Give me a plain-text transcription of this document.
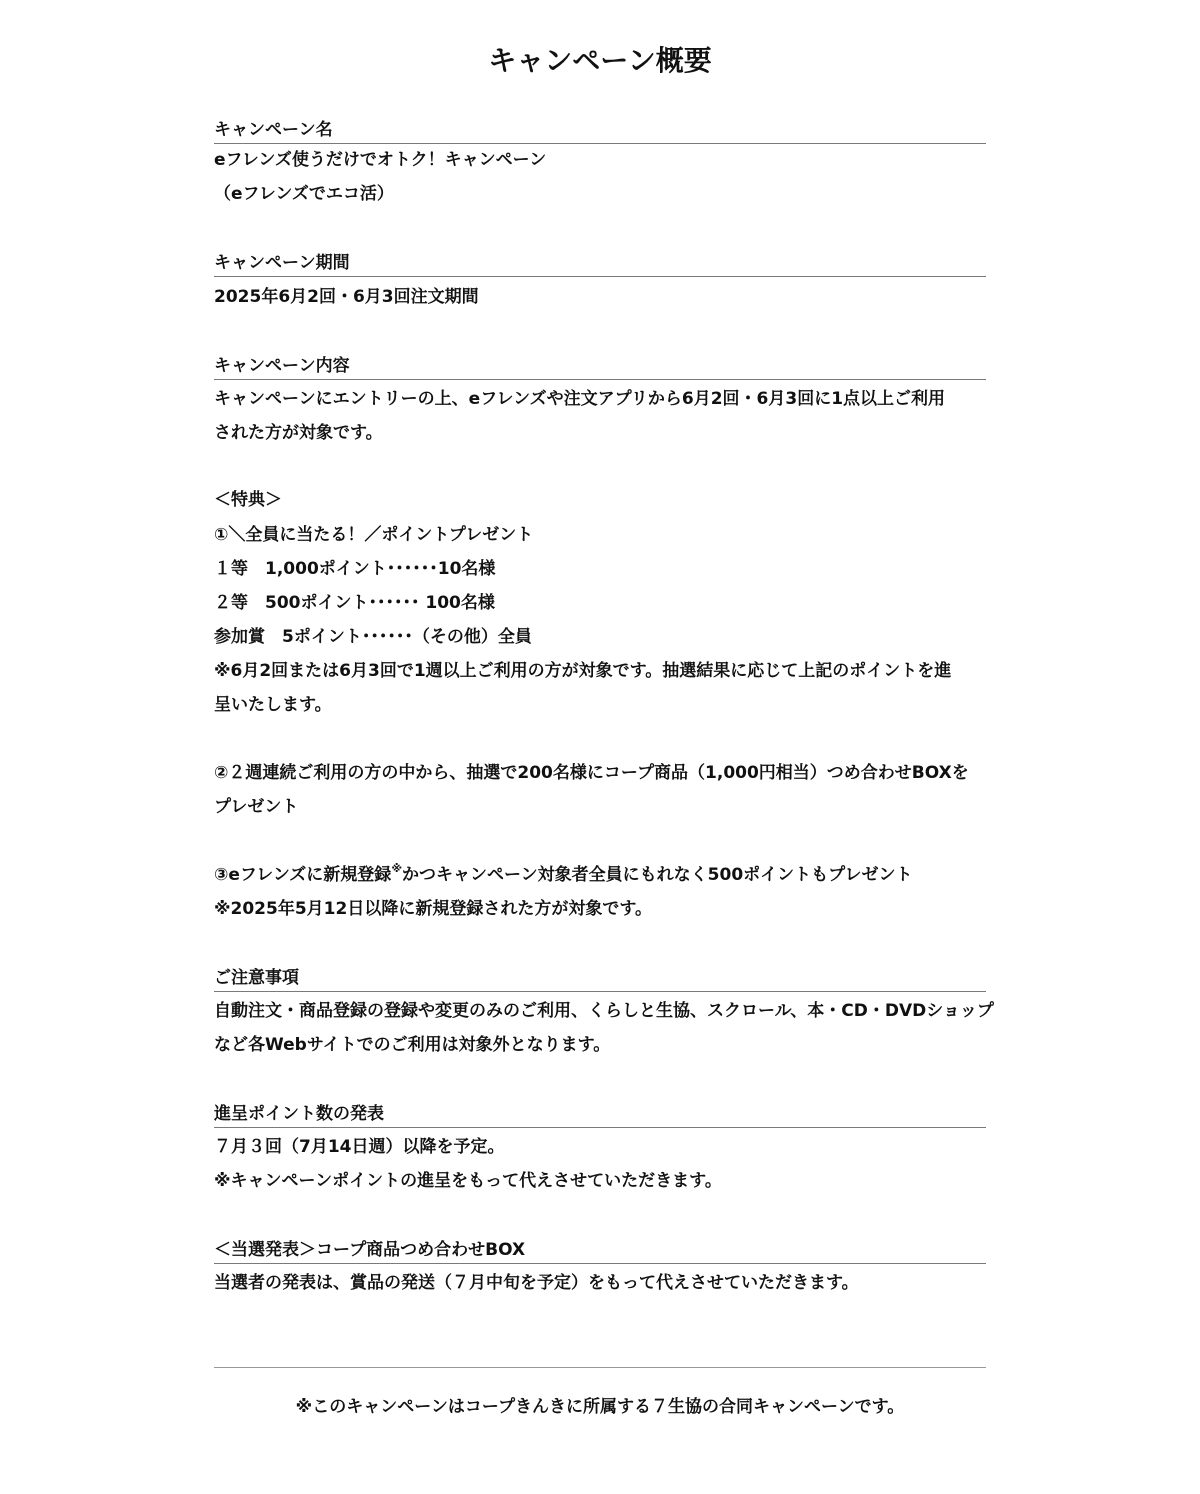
キャンペーン概要
キャンペーン名
eフレンズ使うだけでオトク！キャンペーン
（eフレンズでエコ活）
キャンペーン期間
2025年6月2回・6月3回注文期間
キャンペーン内容
キャンペーンにエントリーの上、eフレンズや注文アプリから6月2回・6月3回に1点以上ご利用
された方が対象です。
＜特典＞
①＼全員に当たる！／ポイントプレゼント
１等　1,000ポイント･･････10名様
２等　500ポイント･･････ 100名様
参加賞　5ポイント･･････（その他）全員
※6月2回または6月3回で1週以上ご利用の方が対象です。抽選結果に応じて上記のポイントを進
呈いたします。
②２週連続ご利用の方の中から、抽選で200名様にコープ商品（1,000円相当）つめ合わせBOXを
プレゼント
③eフレンズに新規登録※かつキャンペーン対象者全員にもれなく500ポイントもプレゼント
※2025年5月12日以降に新規登録された方が対象です。
ご注意事項
自動注文・商品登録の登録や変更のみのご利用、くらしと生協、スクロール、本・CD・DVDショップ
など各Webサイトでのご利用は対象外となります。
進呈ポイント数の発表
７月３回（7月14日週）以降を予定。
※キャンペーンポイントの進呈をもって代えさせていただきます。
＜当選発表＞コープ商品つめ合わせBOX
当選者の発表は、賞品の発送（７月中旬を予定）をもって代えさせていただきます。
※このキャンペーンはコープきんきに所属する７生協の合同キャンペーンです。
